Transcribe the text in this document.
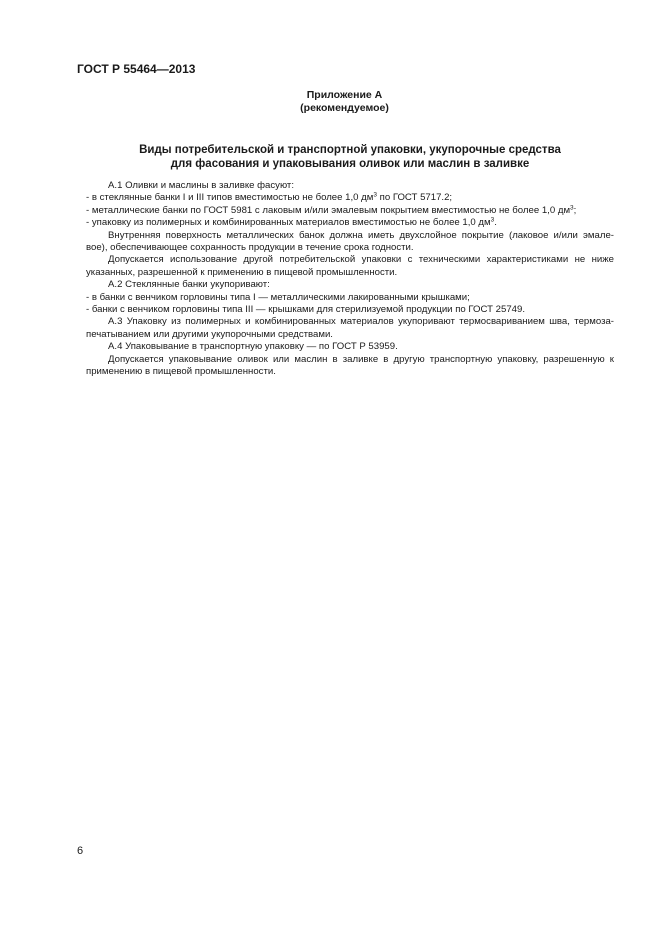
ГОСТ Р 55464—2013
Приложение А
(рекомендуемое)
Виды потребительской и транспортной упаковки, укупорочные средства
для фасования и упаковывания оливок или маслин в заливке

А.1 Оливки и маслины в заливке фасуют:

- в стеклянные банки I и III типов вместимостью не более 1,0 $дм^3$ по ГОСТ 5717.2;

- металлические банки по ГОСТ 5981 с лаковым и/или эмалевым покрытием вместимостью не более 1,0 $дм^3$;

- упаковку из полимерных и комбинированных материалов вместимостью не более 1,0 $дм^3$.

Внутренняя поверхность металлических банок должна иметь двухслойное покрытие (лаковое и/или эмале-

вое), обеспечивающее сохранность продукции в течение срока годности.

Допускается использование другой потребительской упаковки с техническими характеристиками не ниже

указанных, разрешенной к применению в пищевой промышленности.

А.2 Стеклянные банки укупоривают:

- в банки с венчиком горловины типа I — металлическими лакированными крышками;

- банки с венчиком горловины типа III — крышками для стерилизуемой продукции по ГОСТ 25749.

А.3 Упаковку из полимерных и комбинированных материалов укупоривают термосвариванием шва, термоза-

печатыванием или другими укупорочными средствами.

А.4 Упаковывание в транспортную упаковку — по ГОСТ Р 53959.

Допускается упаковывание оливок или маслин в заливке в другую транспортную упаковку, разрешенную к

применению в пищевой промышленности.

6
